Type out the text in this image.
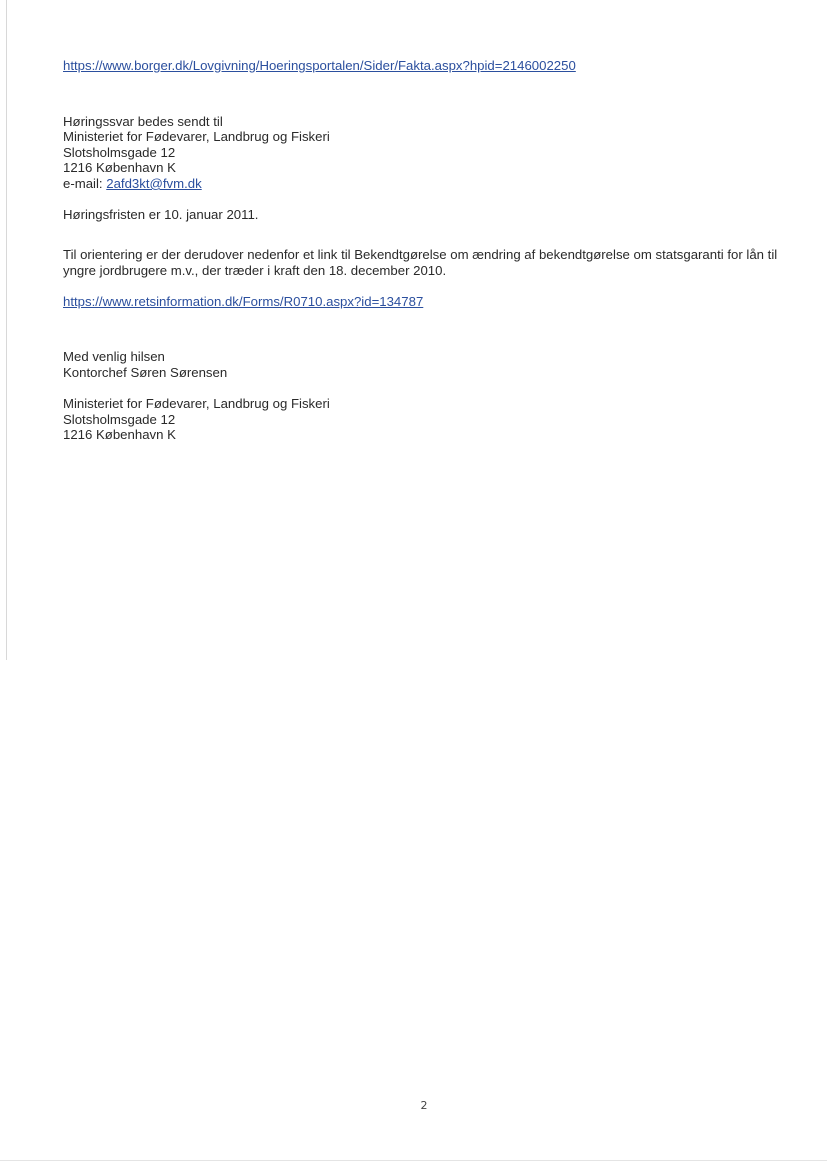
https://www.borger.dk/Lovgivning/Hoeringsportalen/Sider/Fakta.aspx?hpid=2146002250
Høringssvar bedes sendt til
Ministeriet for Fødevarer, Landbrug og Fiskeri
Slotsholmsgade 12
1216 København K
e-mail: 2afd3kt@fvm.dk
Høringsfristen er 10. januar 2011.
Til orientering er der derudover nedenfor et link til Bekendtgørelse om ændring af bekendtgørelse om statsgaranti for lån til yngre jordbrugere m.v., der træder i kraft den 18. december 2010.
https://www.retsinformation.dk/Forms/R0710.aspx?id=134787
Med venlig hilsen
Kontorchef Søren Sørensen
Ministeriet for Fødevarer, Landbrug og Fiskeri
Slotsholmsgade 12
1216 København K
2
